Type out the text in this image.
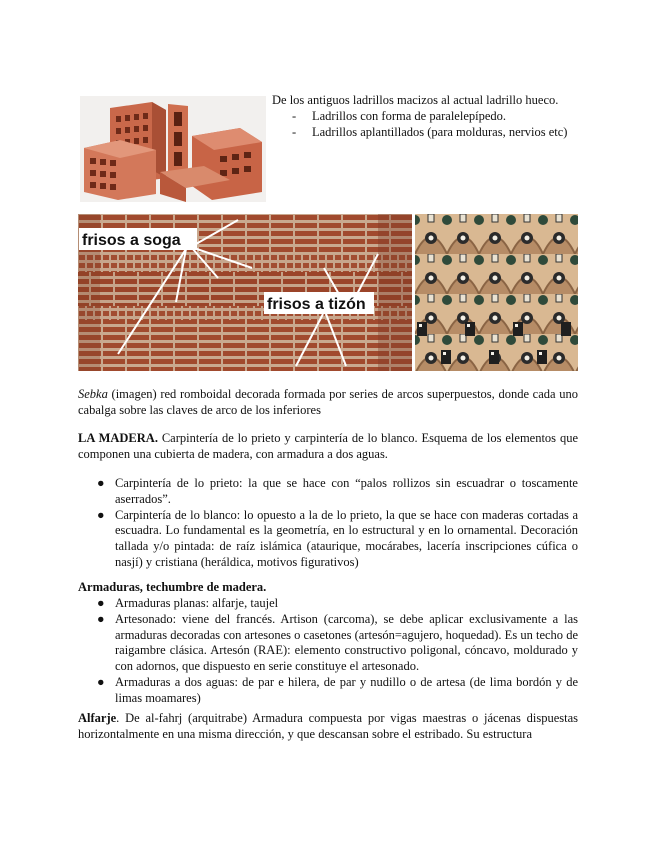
De los antiguos ladrillos macizos al actual ladrillo hueco.
- Ladrillos con forma de paralelepípedo.
- Ladrillos aplantillados (para molduras, nervios etc)
frisos a soga
frisos a tizón
Sebka (imagen) red romboidal decorada formada por series de arcos superpuestos, donde cada uno cabalga sobre las claves de arco de los inferiores
LA MADERA. Carpintería de lo prieto y carpintería de lo blanco. Esquema de los elementos que componen una cubierta de madera, con armadura a dos aguas.
● Carpintería de lo prieto: la que se hace con “palos rollizos sin escuadrar o toscamente aserrados”.
● Carpintería de lo blanco: lo opuesto a la de lo prieto, la que se hace con maderas cortadas a escuadra. Lo fundamental es la geometría, en lo estructural y en lo ornamental. Decoración tallada y/o pintada: de raíz islámica (ataurique, mocárabes, lacería inscripciones cúfica o nasjí) y cristiana (heráldica, motivos figurativos)
Armaduras, techumbre de madera.
● Armaduras planas: alfarje, taujel
● Artesonado: viene del francés. Artison (carcoma), se debe aplicar exclusivamente a las armaduras decoradas con artesones o casetones (artesón=agujero, hoquedad). Es un techo de raigambre clásica. Artesón (RAE): elemento constructivo poligonal, cóncavo, moldurado y con adornos, que dispuesto en serie constituye el artesonado.
● Armaduras a dos aguas: de par e hilera, de par y nudillo o de artesa (de lima bordón y de limas moamares)
Alfarje. De al-fahrj (arquitrabe) Armadura compuesta por vigas maestras o jácenas dispuestas horizontalmente en una misma dirección, y que descansan sobre el estribado. Su estructura
